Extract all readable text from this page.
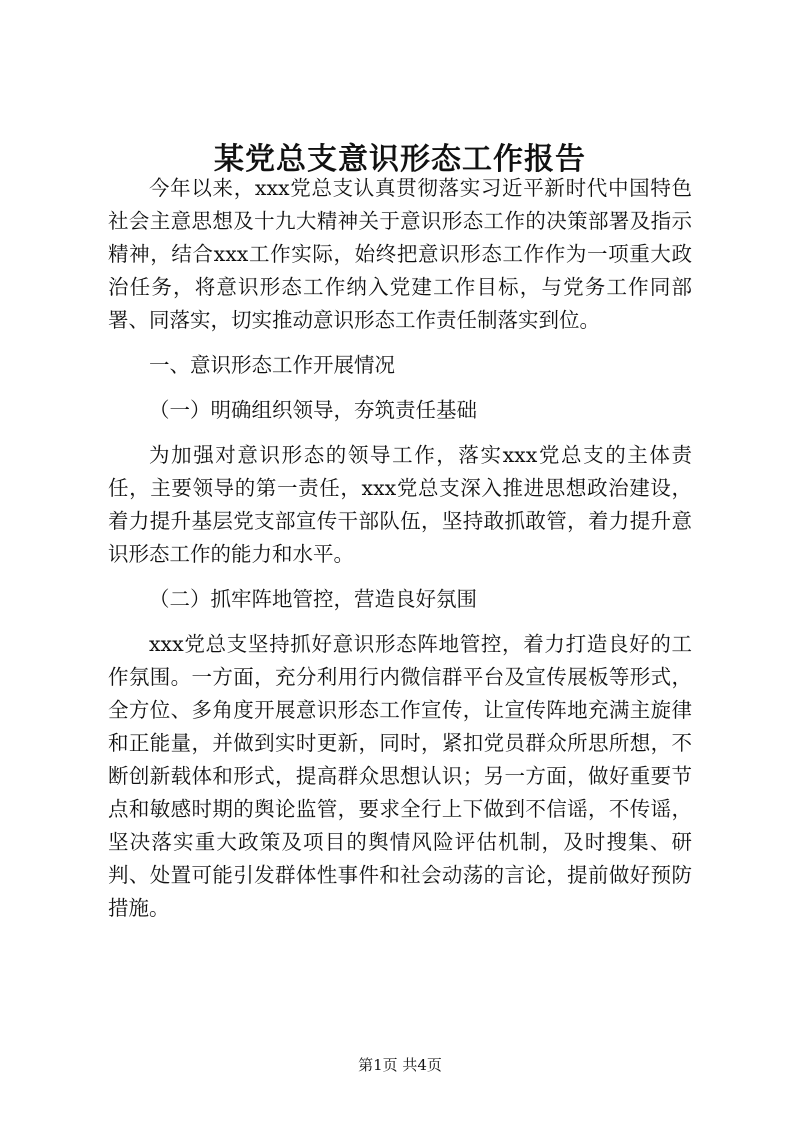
某党总支意识形态工作报告

今年以来，xxx党总支认真贯彻落实习近平新时代中国特色社会主意思想及十九大精神关于意识形态工作的决策部署及指示精神，结合xxx工作实际，始终把意识形态工作作为一项重大政治任务，将意识形态工作纳入党建工作目标，与党务工作同部署、同落实，切实推动意识形态工作责任制落实到位。

一、意识形态工作开展情况

（一）明确组织领导，夯筑责任基础

为加强对意识形态的领导工作，落实xxx党总支的主体责任，主要领导的第一责任，xxx党总支深入推进思想政治建设，着力提升基层党支部宣传干部队伍，坚持敢抓敢管，着力提升意识形态工作的能力和水平。

（二）抓牢阵地管控，营造良好氛围

xxx党总支坚持抓好意识形态阵地管控，着力打造良好的工作氛围。一方面，充分利用行内微信群平台及宣传展板等形式，全方位、多角度开展意识形态工作宣传，让宣传阵地充满主旋律和正能量，并做到实时更新，同时，紧扣党员群众所思所想，不断创新载体和形式，提高群众思想认识；另一方面，做好重要节点和敏感时期的舆论监管，要求全行上下做到不信谣，不传谣，坚决落实重大政策及项目的舆情风险评估机制，及时搜集、研判、处置可能引发群体性事件和社会动荡的言论，提前做好预防措施。

第1页 共4页
